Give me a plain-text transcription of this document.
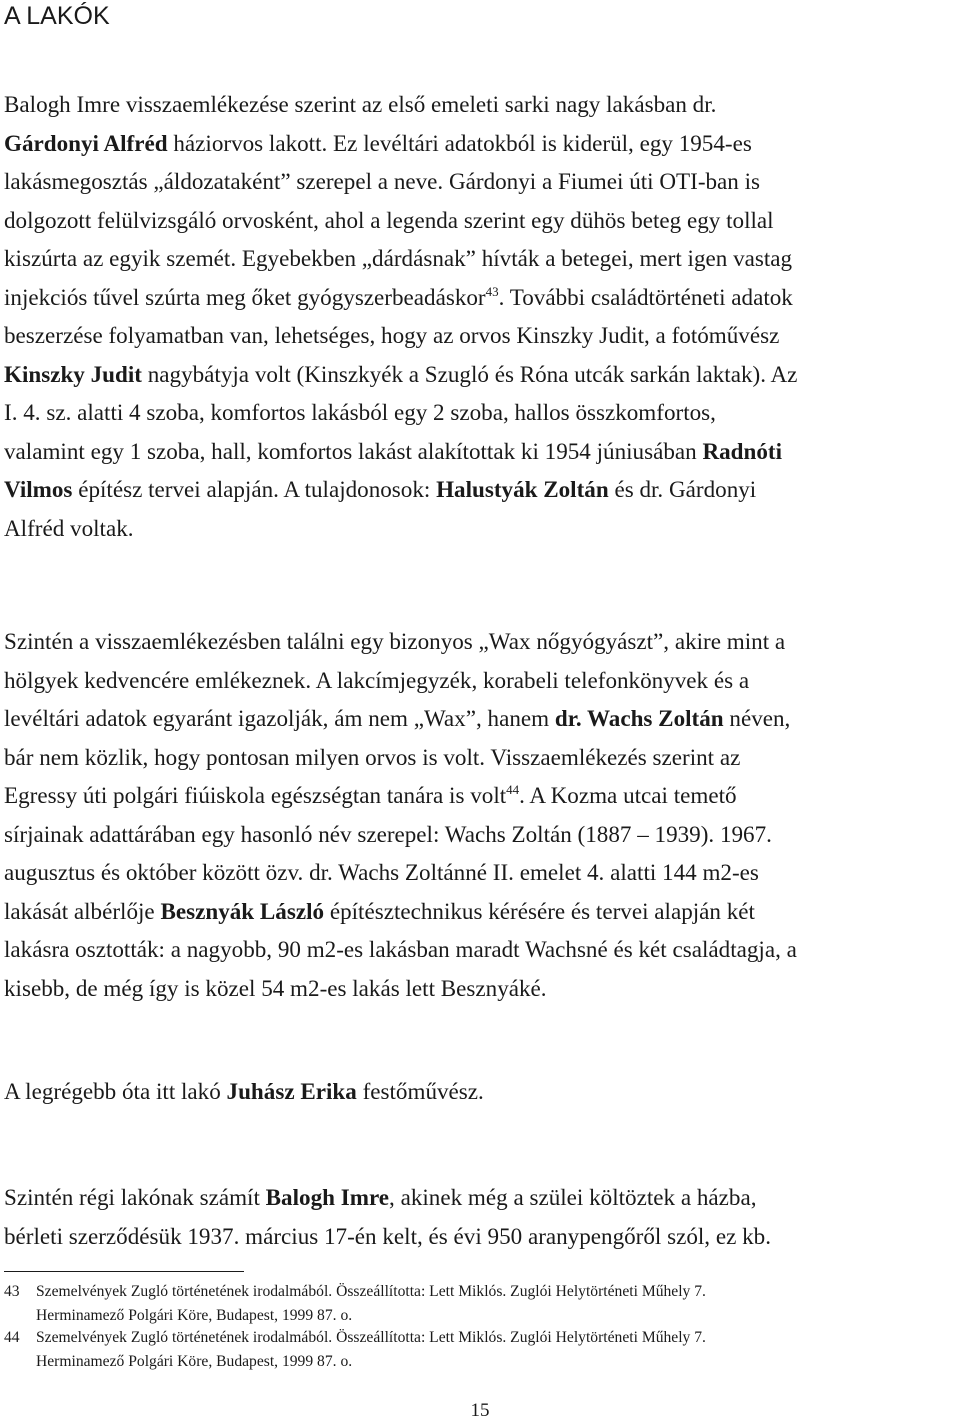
A LAKÓK

Balogh Imre visszaemlékezése szerint az első emeleti sarki nagy lakásban dr.
Gárdonyi Alfréd háziorvos lakott. Ez levéltári adatokból is kiderül, egy 1954-es
lakásmegosztás „áldozataként” szerepel a neve. Gárdonyi a Fiumei úti OTI-ban is
dolgozott felülvizsgáló orvosként, ahol a legenda szerint egy dühös beteg egy tollal
kiszúrta az egyik szemét. Egyebekben „dárdásnak” hívták a betegei, mert igen vastag
injekciós tűvel szúrta meg őket gyógyszerbeadáskor$^{43}$. További családtörténeti adatok
beszerzése folyamatban van, lehetséges, hogy az orvos Kinszky Judit, a fotóművész
Kinszky Judit nagybátyja volt (Kinszkyék a Szugló és Róna utcák sarkán laktak). Az
I. 4. sz. alatti 4 szoba, komfortos lakásból egy 2 szoba, hallos összkomfortos,
valamint egy 1 szoba, hall, komfortos lakást alakítottak ki 1954 júniusában Radnóti
Vilmos építész tervei alapján. A tulajdonosok: Halustyák Zoltán és dr. Gárdonyi
Alfréd voltak.

Szintén a visszaemlékezésben találni egy bizonyos „Wax nőgyógyászt”, akire mint a
hölgyek kedvencére emlékeznek. A lakcímjegyzék, korabeli telefonkönyvek és a
levéltári adatok egyaránt igazolják, ám nem „Wax”, hanem dr. Wachs Zoltán néven,
bár nem közlik, hogy pontosan milyen orvos is volt. Visszaemlékezés szerint az
Egressy úti polgári fiúiskola egészségtan tanára is volt$^{44}$. A Kozma utcai temető
sírjainak adattárában egy hasonló név szerepel: Wachs Zoltán (1887 – 1939). 1967.
augusztus és október között özv. dr. Wachs Zoltánné II. emelet 4. alatti 144 m2-es
lakását albérlője Besznyák László építésztechnikus kérésére és tervei alapján két
lakásra osztották: a nagyobb, 90 m2-es lakásban maradt Wachsné és két családtagja, a
kisebb, de még így is közel 54 m2-es lakás lett Besznyáké.

A legrégebb óta itt lakó Juhász Erika festőművész.

Szintén régi lakónak számít Balogh Imre, akinek még a szülei költöztek a házba,
bérleti szerződésük 1937. március 17-én kelt, és évi 950 aranypengőről szól, ez kb.

43 Szemelvények Zugló történetének irodalmából. Összeállította: Lett Miklós. Zuglói Helytörténeti Műhely 7.
Herminamező Polgári Köre, Budapest, 1999 87. o.
44 Szemelvények Zugló történetének irodalmából. Összeállította: Lett Miklós. Zuglói Helytörténeti Műhely 7.
Herminamező Polgári Köre, Budapest, 1999 87. o.
15
